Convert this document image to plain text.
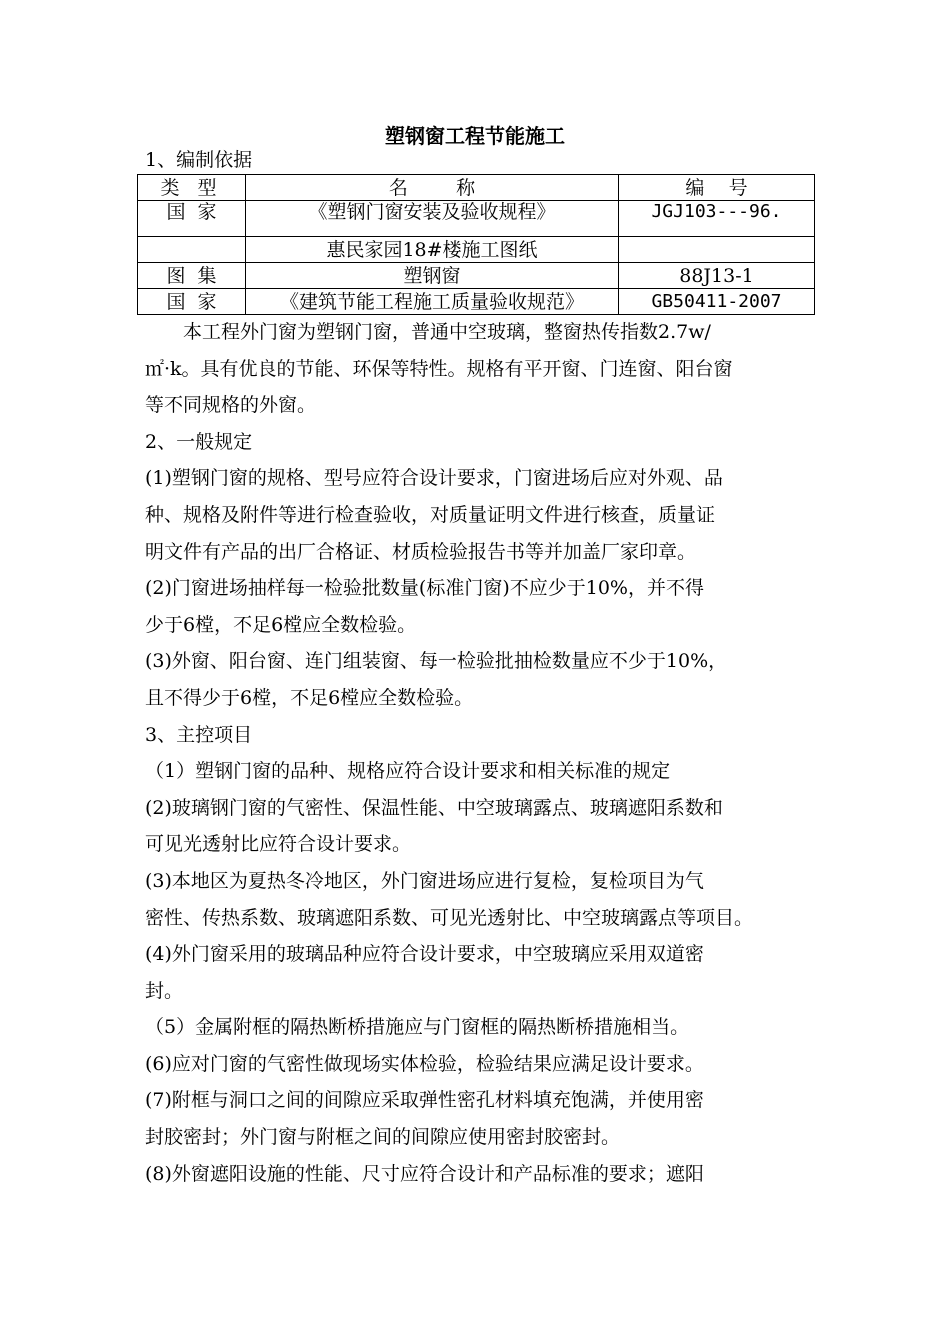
塑钢窗工程节能施工
1、编制依据
类 型	名        称	编    号
国  家	《塑钢门窗安装及验收规程》	JGJ103---96.
	惠民家园18#楼施工图纸	
图  集	塑钢窗	88J13-1
国  家	《建筑节能工程施工质量验收规范》	GB50411-2007

本工程外门窗为塑钢门窗，普通中空玻璃，整窗热传指数2.7w/

㎡·k。具有优良的节能、环保等特性。规格有平开窗、门连窗、阳台窗

等不同规格的外窗。

2、一般规定

(1)塑钢门窗的规格、型号应符合设计要求，门窗进场后应对外观、品

种、规格及附件等进行检查验收，对质量证明文件进行核查，质量证

明文件有产品的出厂合格证、材质检验报告书等并加盖厂家印章。

(2)门窗进场抽样每一检验批数量(标准门窗)不应少于10%，并不得

少于6樘，不足6樘应全数检验。

(3)外窗、阳台窗、连门组装窗、每一检验批抽检数量应不少于10%，

且不得少于6樘，不足6樘应全数检验。

3、主控项目

（1）塑钢门窗的品种、规格应符合设计要求和相关标准的规定

(2)玻璃钢门窗的气密性、保温性能、中空玻璃露点、玻璃遮阳系数和

可见光透射比应符合设计要求。

(3)本地区为夏热冬冷地区，外门窗进场应进行复检，复检项目为气

密性、传热系数、玻璃遮阳系数、可见光透射比、中空玻璃露点等项目。

(4)外门窗采用的玻璃品种应符合设计要求，中空玻璃应采用双道密

封。

（5）金属附框的隔热断桥措施应与门窗框的隔热断桥措施相当。

(6)应对门窗的气密性做现场实体检验，检验结果应满足设计要求。

(7)附框与洞口之间的间隙应采取弹性密孔材料填充饱满，并使用密

封胶密封；外门窗与附框之间的间隙应使用密封胶密封。

(8)外窗遮阳设施的性能、尺寸应符合设计和产品标准的要求；遮阳
